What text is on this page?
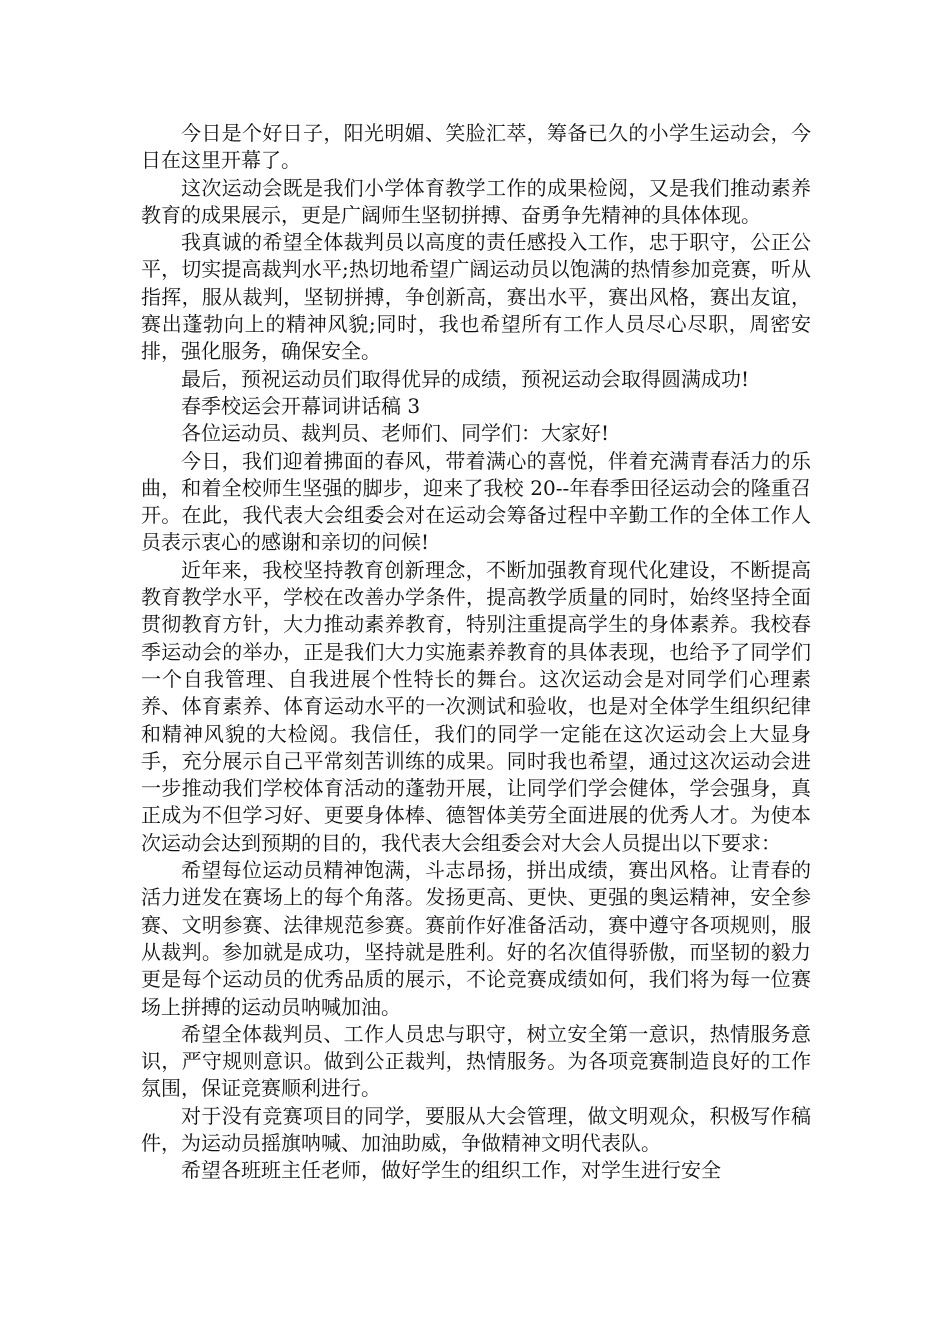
今日是个好日子，阳光明媚、笑脸汇萃，筹备已久的小学生运动会，今日在这里开幕了。

这次运动会既是我们小学体育教学工作的成果检阅，又是我们推动素养教育的成果展示，更是广阔师生坚韧拼搏、奋勇争先精神的具体体现。

我真诚的希望全体裁判员以高度的责任感投入工作，忠于职守，公正公平，切实提高裁判水平;热切地希望广阔运动员以饱满的热情参加竞赛，听从指挥，服从裁判，坚韧拼搏，争创新高，赛出水平，赛出风格，赛出友谊，赛出蓬勃向上的精神风貌;同时，我也希望所有工作人员尽心尽职，周密安排，强化服务，确保安全。

最后，预祝运动员们取得优异的成绩，预祝运动会取得圆满成功!

春季校运会开幕词讲话稿 3

各位运动员、裁判员、老师们、同学们：大家好!

今日，我们迎着拂面的春风，带着满心的喜悦，伴着充满青春活力的乐曲，和着全校师生坚强的脚步，迎来了我校 20--年春季田径运动会的隆重召开。在此，我代表大会组委会对在运动会筹备过程中辛勤工作的全体工作人员表示衷心的感谢和亲切的问候!

近年来，我校坚持教育创新理念，不断加强教育现代化建设，不断提高教育教学水平，学校在改善办学条件，提高教学质量的同时，始终坚持全面贯彻教育方针，大力推动素养教育，特别注重提高学生的身体素养。我校春季运动会的举办，正是我们大力实施素养教育的具体表现，也给予了同学们一个自我管理、自我进展个性特长的舞台。这次运动会是对同学们心理素养、体育素养、体育运动水平的一次测试和验收，也是对全体学生组织纪律和精神风貌的大检阅。我信任，我们的同学一定能在这次运动会上大显身手，充分展示自己平常刻苦训练的成果。同时我也希望，通过这次运动会进一步推动我们学校体育活动的蓬勃开展，让同学们学会健体，学会强身，真正成为不但学习好、更要身体棒、德智体美劳全面进展的优秀人才。为使本次运动会达到预期的目的，我代表大会组委会对大会人员提出以下要求：

希望每位运动员精神饱满，斗志昂扬，拼出成绩，赛出风格。让青春的活力迸发在赛场上的每个角落。发扬更高、更快、更强的奥运精神，安全参赛、文明参赛、法律规范参赛。赛前作好准备活动，赛中遵守各项规则，服从裁判。参加就是成功，坚持就是胜利。好的名次值得骄傲，而坚韧的毅力更是每个运动员的优秀品质的展示，不论竞赛成绩如何，我们将为每一位赛场上拼搏的运动员呐喊加油。

希望全体裁判员、工作人员忠与职守，树立安全第一意识，热情服务意识，严守规则意识。做到公正裁判，热情服务。为各项竞赛制造良好的工作氛围，保证竞赛顺利进行。

对于没有竞赛项目的同学，要服从大会管理，做文明观众，积极写作稿件，为运动员摇旗呐喊、加油助威，争做精神文明代表队。

希望各班班主任老师，做好学生的组织工作，对学生进行安全
